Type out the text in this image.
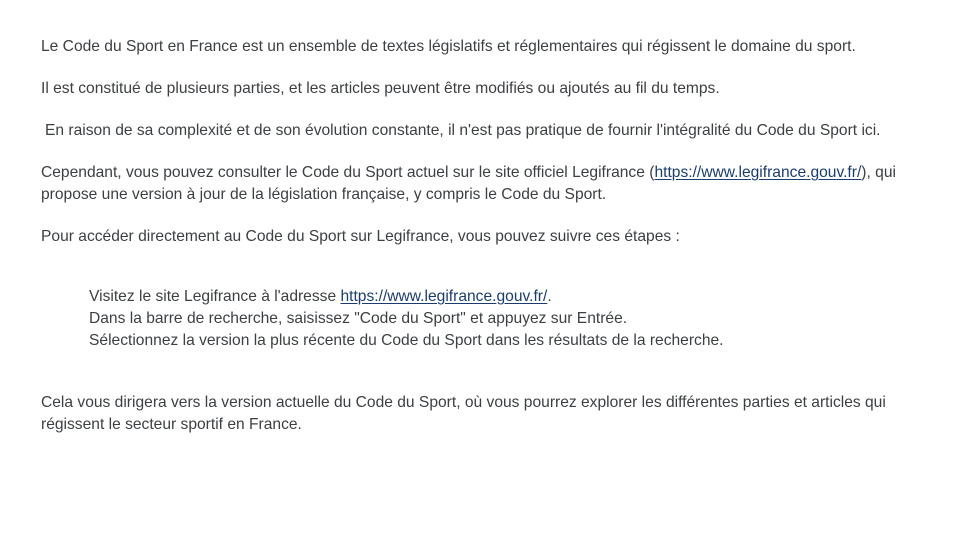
Le Code du Sport en France est un ensemble de textes législatifs et réglementaires qui régissent le domaine du sport.

Il est constitué de plusieurs parties, et les articles peuvent être modifiés ou ajoutés au fil du temps.

En raison de sa complexité et de son évolution constante, il n'est pas pratique de fournir l'intégralité du Code du Sport ici.

Cependant, vous pouvez consulter le Code du Sport actuel sur le site officiel Legifrance (https://www.legifrance.gouv.fr/), qui propose une version à jour de la législation française, y compris le Code du Sport.

Pour accéder directement au Code du Sport sur Legifrance, vous pouvez suivre ces étapes :

Visitez le site Legifrance à l'adresse https://www.legifrance.gouv.fr/.
Dans la barre de recherche, saisissez "Code du Sport" et appuyez sur Entrée.
Sélectionnez la version la plus récente du Code du Sport dans les résultats de la recherche.

Cela vous dirigera vers la version actuelle du Code du Sport, où vous pourrez explorer les différentes parties et articles qui régissent le secteur sportif en France.
